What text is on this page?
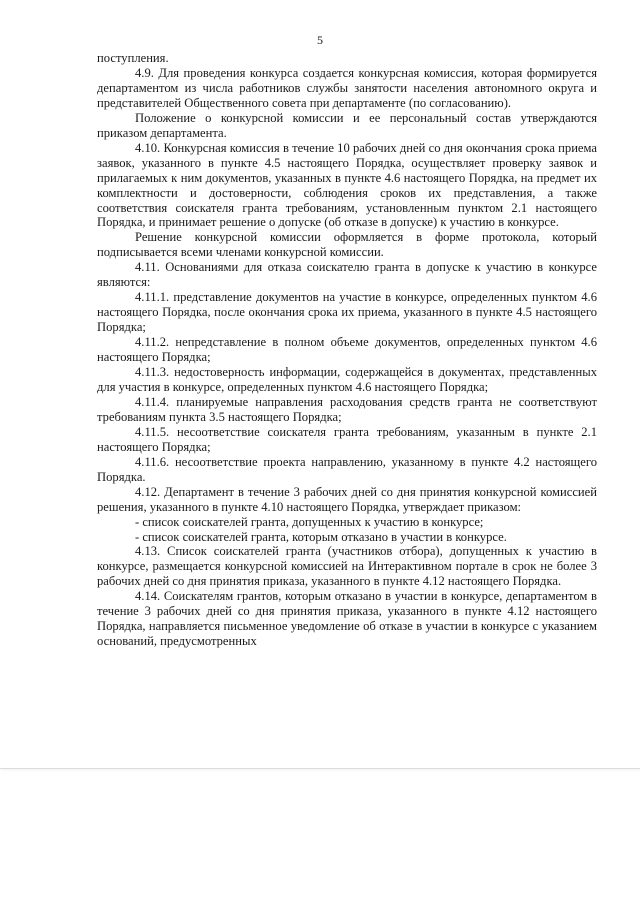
5

поступления.

4.9. Для проведения конкурса создается конкурсная комиссия, которая формируется департаментом из числа работников службы занятости населения автономного округа и представителей Общественного совета при департаменте (по согласованию).

Положение о конкурсной комиссии и ее персональный состав утверждаются приказом департамента.

4.10. Конкурсная комиссия в течение 10 рабочих дней со дня окончания срока приема заявок, указанного в пункте 4.5 настоящего Порядка, осуществляет проверку заявок и прилагаемых к ним документов, указанных в пункте 4.6 настоящего Порядка, на предмет их комплектности и достоверности, соблюдения сроков их представления, а также соответствия соискателя гранта требованиям, установленным пунктом 2.1 настоящего Порядка, и принимает решение о допуске (об отказе в допуске) к участию в конкурсе.

Решение конкурсной комиссии оформляется в форме протокола, который подписывается всеми членами конкурсной комиссии.

4.11. Основаниями для отказа соискателю гранта в допуске к участию в конкурсе являются:

4.11.1. представление документов на участие в конкурсе, определенных пунктом 4.6 настоящего Порядка, после окончания срока их приема, указанного в пункте 4.5 настоящего Порядка;

4.11.2. непредставление в полном объеме документов, определенных пунктом 4.6 настоящего Порядка;

4.11.3. недостоверность информации, содержащейся в документах, представленных для участия в конкурсе, определенных пунктом 4.6 настоящего Порядка;

4.11.4. планируемые направления расходования средств гранта не соответствуют требованиям пункта 3.5 настоящего Порядка;

4.11.5. несоответствие соискателя гранта требованиям, указанным в пункте 2.1 настоящего Порядка;

4.11.6. несоответствие проекта направлению, указанному в пункте 4.2 настоящего Порядка.

4.12. Департамент в течение 3 рабочих дней со дня принятия конкурсной комиссией решения, указанного в пункте 4.10 настоящего Порядка, утверждает приказом:

- список соискателей гранта, допущенных к участию в конкурсе;

- список соискателей гранта, которым отказано в участии в конкурсе.

4.13. Список соискателей гранта (участников отбора), допущенных к участию в конкурсе, размещается конкурсной комиссией на Интерактивном портале в срок не более 3 рабочих дней со дня принятия приказа, указанного в пункте 4.12 настоящего Порядка.

4.14. Соискателям грантов, которым отказано в участии в конкурсе, департаментом в течение 3 рабочих дней со дня принятия приказа, указанного в пункте 4.12 настоящего Порядка, направляется письменное уведомление об отказе в участии в конкурсе с указанием оснований, предусмотренных
